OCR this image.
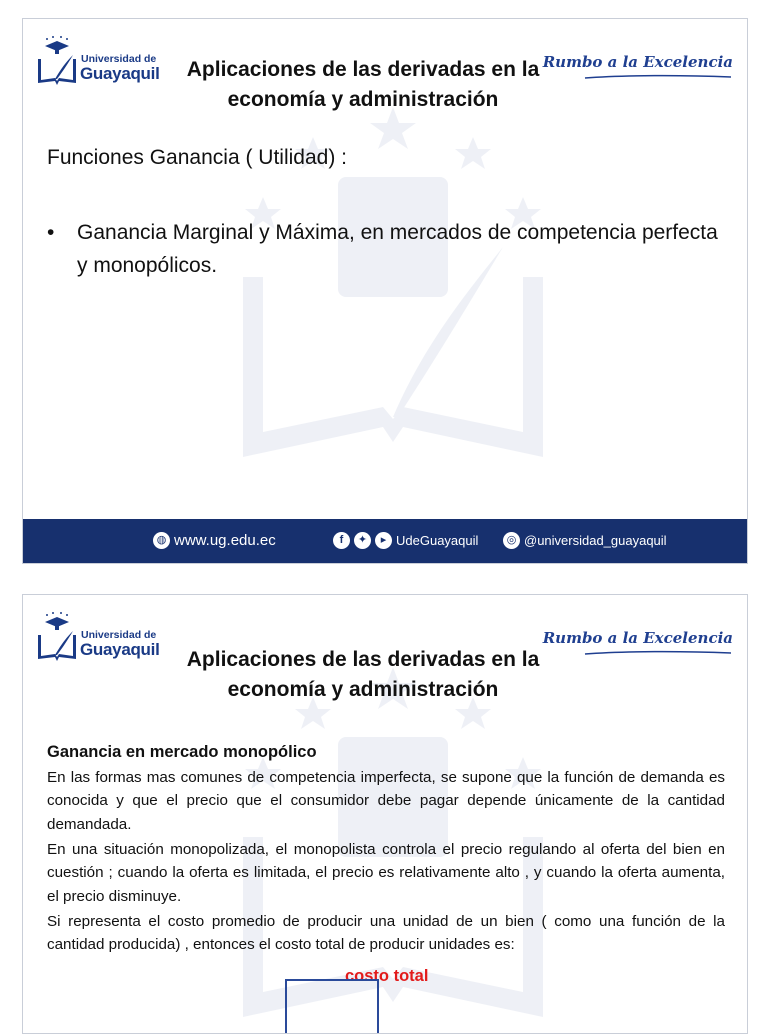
Universidad de
Guayaquil
Rumbo a la Excelencia
Aplicaciones de las derivadas en la
economía y administración
Funciones Ganancia ( Utilidad) :
• Ganancia Marginal y Máxima, en mercados de competencia perfecta y monopólicos.
◍ www.ug.edu.ec	f	✦	▸ UdeGuayaquil	◎ @universidad_guayaquil
Universidad de
Guayaquil
Rumbo a la Excelencia
Aplicaciones de las derivadas en la
economía y administración
Ganancia en mercado monopólico

En las formas mas comunes de competencia imperfecta, se supone que la función de demanda es conocida y que el precio que el consumidor debe pagar depende únicamente de la cantidad demandada.

En una situación monopolizada, el monopolista controla el precio regulando al oferta del bien en cuestión ; cuando la oferta es limitada, el precio es relativamente alto , y cuando la oferta aumenta, el precio disminuye.

Si representa el costo promedio de producir una unidad de un bien ( como una función de la cantidad producida) , entonces el costo total de producir unidades es:

costo total
